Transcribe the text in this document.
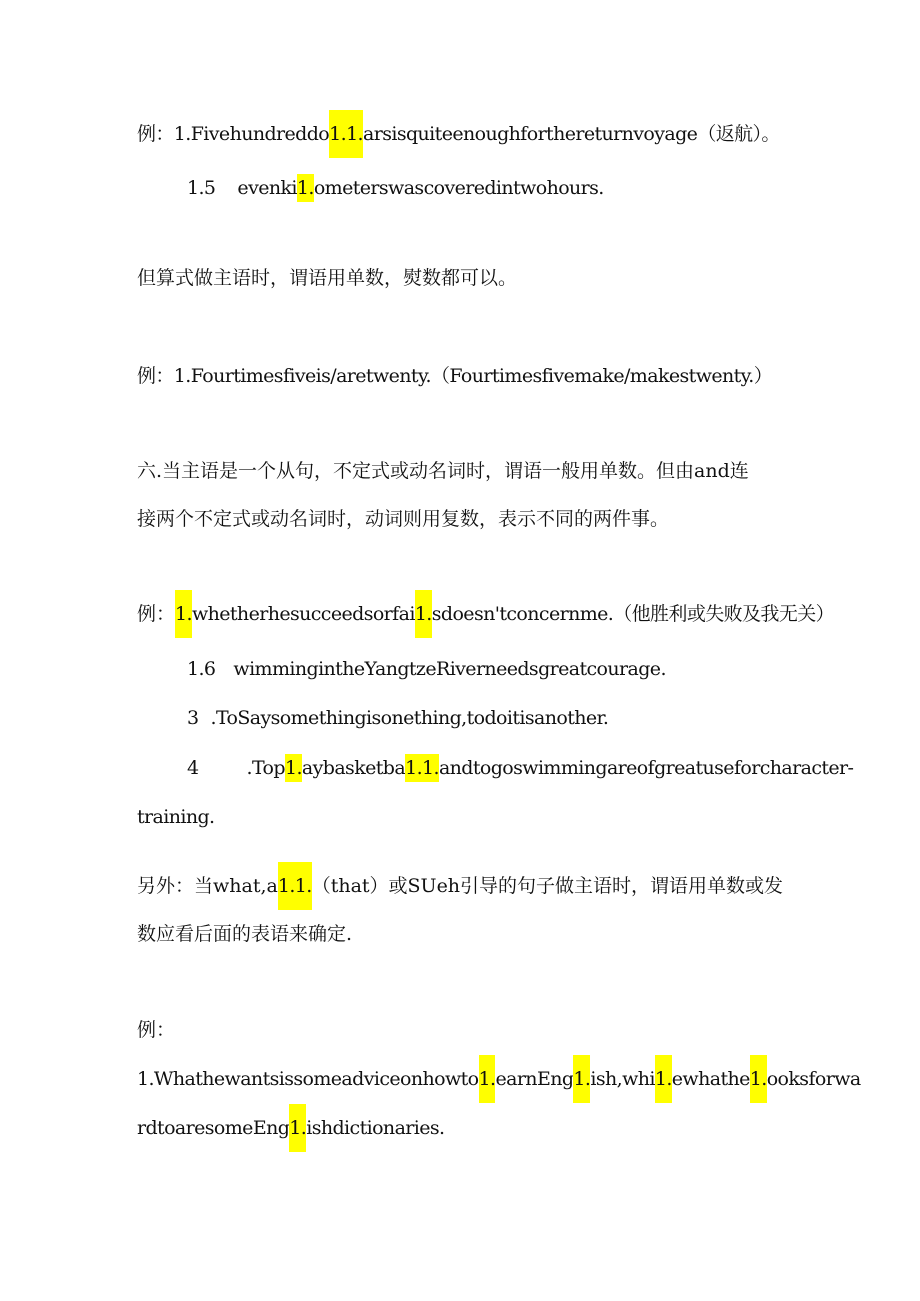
例：1.Fivehundreddo1.1.arsisquiteenoughforthereturnvoyage（返航）。
1.5 evenki1.ometerswascoveredintwohours.
但算式做主语时，谓语用单数，熨数都可以。
例：1.Fourtimesfiveis/aretwenty.（Fourtimesfivemake/makestwenty.）
六.当主语是一个从句，不定式或动名词时，谓语一般用单数。但由and连
接两个不定式或动名词时，动词则用复数，表示不同的两件事。
例：1.whetherhesucceedsorfai1.sdoesn'tconcernme.（他胜利或失败及我无关）
1.6 wimmingintheYangtzeRiverneedsgreatcourage.
3 .ToSaysomethingisonething,todoitisanother.
4	.Top1.aybasketba1.1.andtogoswimmingareofgreatuseforcharacter-
training.
另外：当what,a1.1.（that）或SUeh引导的句子做主语时，谓语用单数或发
数应看后面的表语来确定.
例：
1.Whathewantsissomeadviceonhowto1.earnEng1.ish,whi1.ewhathe1.ooksforwa
rdtoaresomeEng1.ishdictionaries.
